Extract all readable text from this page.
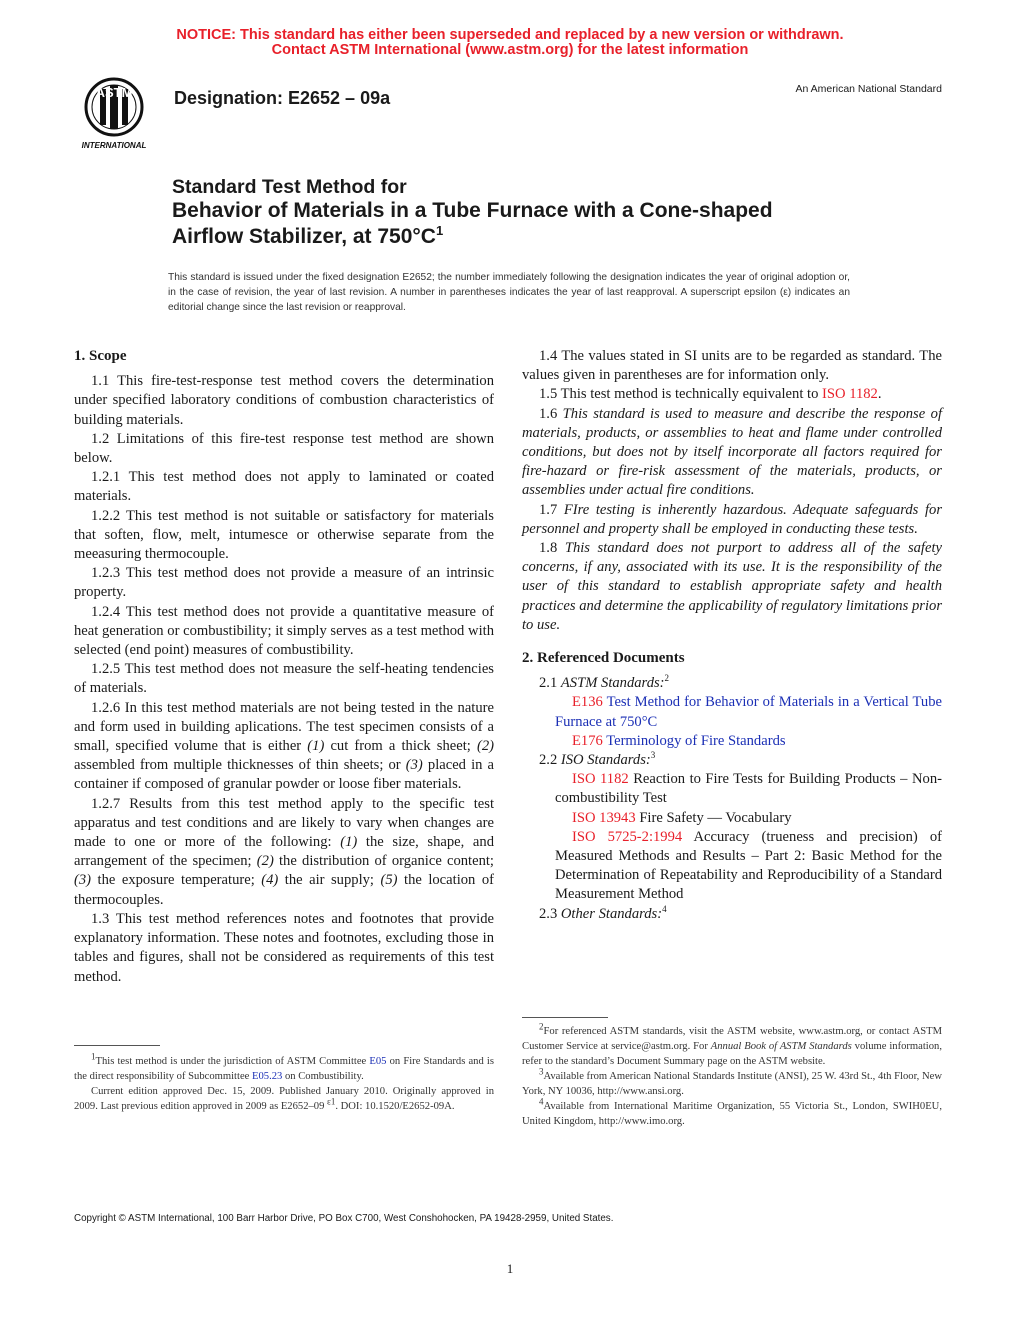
NOTICE: This standard has either been superseded and replaced by a new version or withdrawn.
Contact ASTM International (www.astm.org) for the latest information
ASTM
INTERNATIONAL
Designation: E2652 – 09a	An American National Standard
Standard Test Method for
Behavior of Materials in a Tube Furnace with a Cone-shaped
Airflow Stabilizer, at $750^\circ C^1$
This standard is issued under the fixed designation E2652; the number immediately following the designation indicates the year of original adoption or, in the case of revision, the year of last revision. A number in parentheses indicates the year of last reapproval. A superscript epsilon (ε) indicates an editorial change since the last revision or reapproval.
1. Scope

1.1 This fire-test-response test method covers the determination under specified laboratory conditions of combustion characteristics of building materials.

1.2 Limitations of this fire-test response test method are shown below.

1.2.1 This test method does not apply to laminated or coated materials.

1.2.2 This test method is not suitable or satisfactory for materials that soften, flow, melt, intumesce or otherwise separate from the meeasuring thermocouple.

1.2.3 This test method does not provide a measure of an intrinsic property.

1.2.4 This test method does not provide a quantitative measure of heat generation or combustibility; it simply serves as a test method with selected (end point) measures of combustibility.

1.2.5 This test method does not measure the self-heating tendencies of materials.

1.2.6 In this test method materials are not being tested in the nature and form used in building aplications. The test specimen consists of a small, specified volume that is either (1) cut from a thick sheet; (2) assembled from multiple thicknesses of thin sheets; or (3) placed in a container if composed of granular powder or loose fiber materials.

1.2.7 Results from this test method apply to the specific test apparatus and test conditions and are likely to vary when changes are made to one or more of the following: (1) the size, shape, and arrangement of the specimen; (2) the distribution of organice content; (3) the exposure temperature; (4) the air supply; (5) the location of thermocouples.

1.3 This test method references notes and footnotes that provide explanatory information. These notes and footnotes, excluding those in tables and figures, shall not be considered as requirements of this test method.

1.4 The values stated in SI units are to be regarded as standard. The values given in parentheses are for information only.

1.5 This test method is technically equivalent to ISO 1182.

1.6 This standard is used to measure and describe the response of materials, products, or assemblies to heat and flame under controlled conditions, but does not by itself incorporate all factors required for fire-hazard or fire-risk assessment of the materials, products, or assemblies under actual fire conditions.

1.7 FIre testing is inherently hazardous. Adequate safeguards for personnel and property shall be employed in conducting these tests.

1.8 This standard does not purport to address all of the safety concerns, if any, associated with its use. It is the responsibility of the user of this standard to establish appropriate safety and health practices and determine the applicability of regulatory limitations prior to use.

2. Referenced Documents

2.1 ASTM Standards:$^2$

E136 Test Method for Behavior of Materials in a Vertical Tube Furnace at 750°C

E176 Terminology of Fire Standards

2.2 ISO Standards:$^3$

ISO 1182 Reaction to Fire Tests for Building Products – Non-combustibility Test

ISO 13943 Fire Safety — Vocabulary

ISO 5725-2:1994 Accuracy (trueness and precision) of Measured Methods and Results – Part 2: Basic Method for the Determination of Repeatability and Reproducibility of a Standard Measurement Method

2.3 Other Standards:$^4$

$^1$This test method is under the jurisdiction of ASTM Committee E05 on Fire Standards and is the direct responsibility of Subcommittee E05.23 on Combustibility.

Current edition approved Dec. 15, 2009. Published January 2010. Originally approved in 2009. Last previous edition approved in 2009 as E2652–09 $^{\varepsilon 1}$. DOI: 10.1520/E2652-09A.

$^2$For referenced ASTM standards, visit the ASTM website, www.astm.org, or contact ASTM Customer Service at service@astm.org. For Annual Book of ASTM Standards volume information, refer to the standard’s Document Summary page on the ASTM website.

$^3$Available from American National Standards Institute (ANSI), 25 W. 43rd St., 4th Floor, New York, NY 10036, http://www.ansi.org.

$^4$Available from International Maritime Organization, 55 Victoria St., London, SWIH0EU, United Kingdom, http://www.imo.org.

Copyright © ASTM International, 100 Barr Harbor Drive, PO Box C700, West Conshohocken, PA 19428-2959, United States.
1
